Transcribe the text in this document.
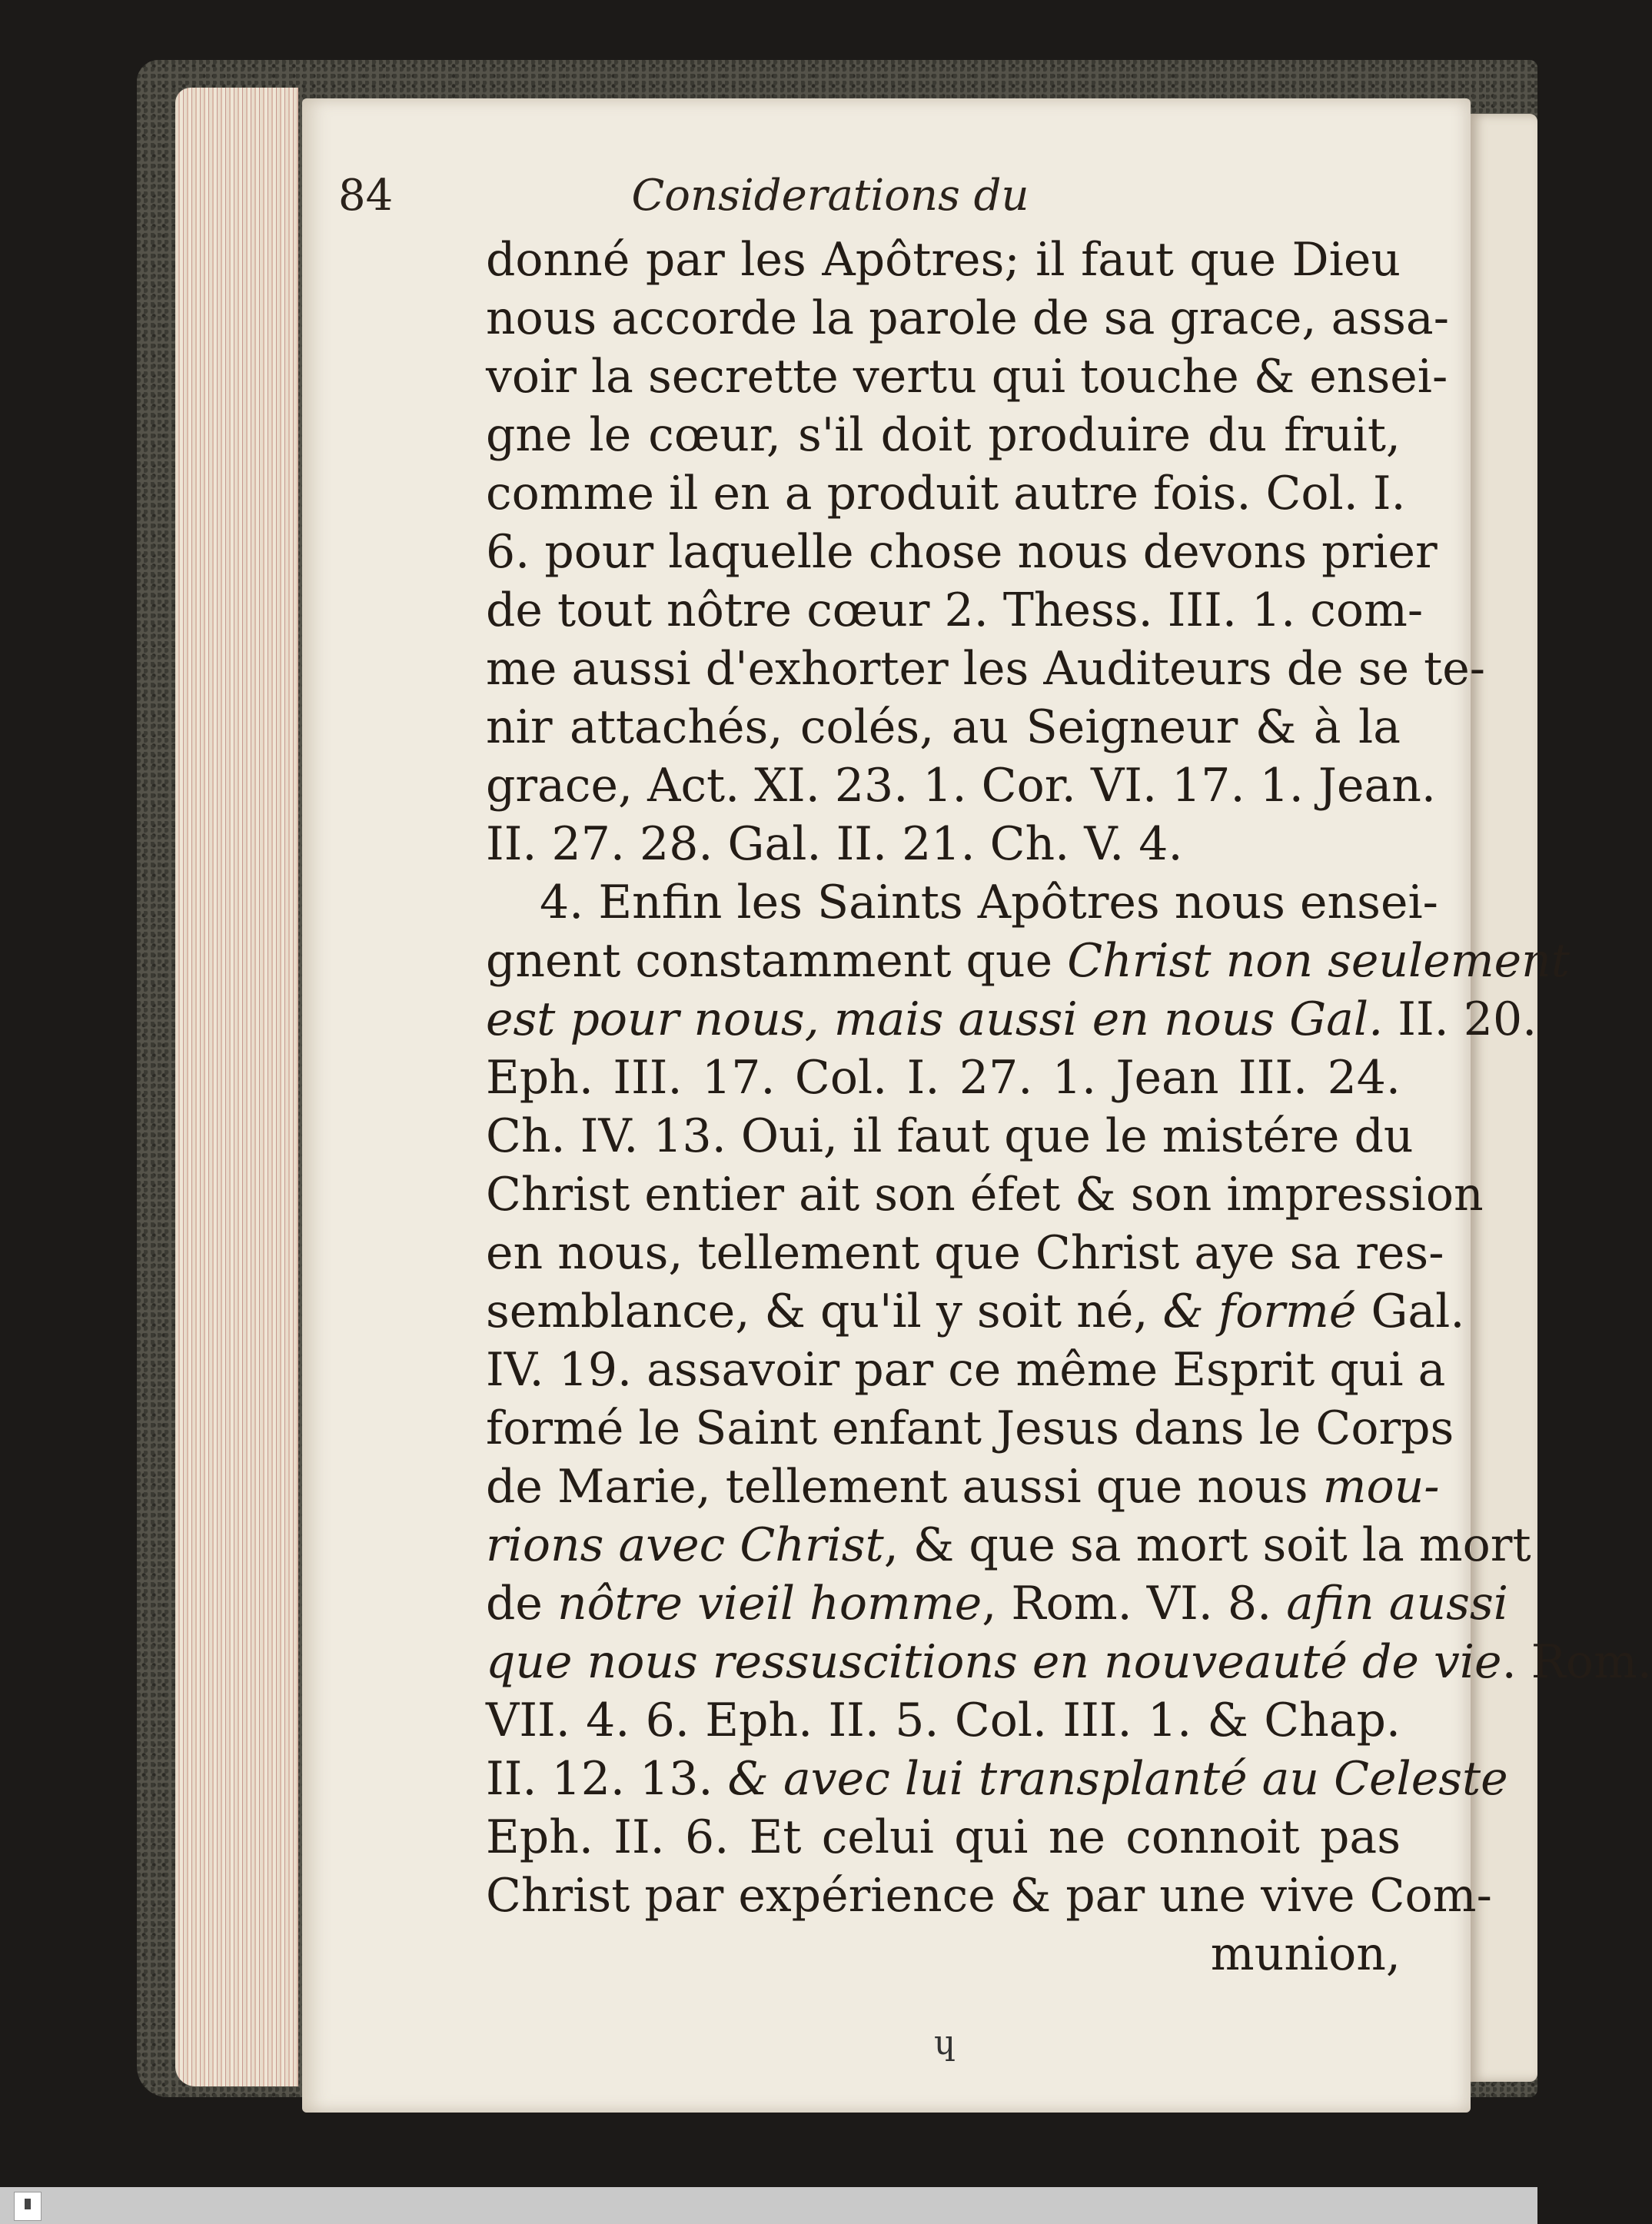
84	Considerations du
donné par les Apôtres; il faut que Dieu
nous accorde la parole de sa grace, assa-
voir la secrette vertu qui touche & ensei-
gne le cœur, s'il doit produire du fruit,
comme il en a produit autre fois. Col. I.
6. pour laquelle chose nous devons prier
de tout nôtre cœur 2. Thess. III. 1. com-
me aussi d'exhorter les Auditeurs de se te-
nir attachés, colés, au Seigneur & à la
grace, Act. XI. 23. 1. Cor. VI. 17. 1. Jean.
II. 27. 28. Gal. II. 21. Ch. V. 4.
4. Enfin les Saints Apôtres nous ensei-
gnent constamment que Christ non seulement
est pour nous, mais aussi en nous Gal. II. 20.
Eph. III. 17. Col. I. 27. 1. Jean III. 24.
Ch. IV. 13. Oui, il faut que le mistére du
Christ entier ait son éfet & son impression
en nous, tellement que Christ aye sa res-
semblance, & qu'il y soit né, & formé Gal.
IV. 19. assavoir par ce même Esprit qui a
formé le Saint enfant Jesus dans le Corps
de Marie, tellement aussi que nous mou-
rions avec Christ, & que sa mort soit la mort
de nôtre vieil homme, Rom. VI. 8. afin aussi
que nous ressuscitions en nouveauté de vie. Rom.
VII. 4. 6. Eph. II. 5. Col. III. 1. & Chap.
II. 12. 13. & avec lui transplanté au Celeste
Eph. II. 6. Et celui qui ne connoit pas
Christ par expérience & par une vive Com-
munion,
ɥ
